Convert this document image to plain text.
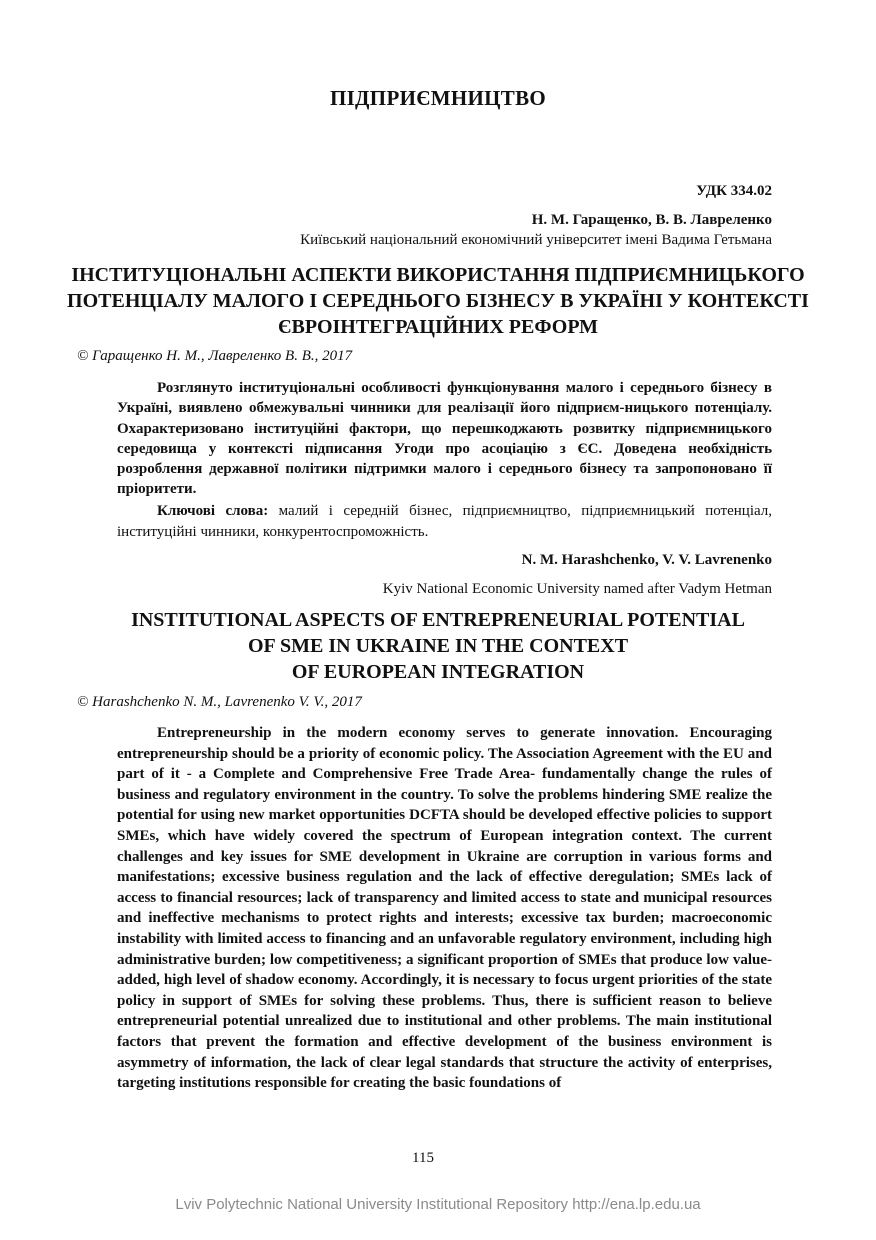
ПІДПРИЄМНИЦТВО
УДК 334.02
Н. М. Гаращенко, В. В. Лавреленко
Київський національний економічний університет імені Вадима Гетьмана
ІНСТИТУЦІОНАЛЬНІ АСПЕКТИ ВИКОРИСТАННЯ ПІДПРИЄМНИЦЬКОГО ПОТЕНЦІАЛУ МАЛОГО І СЕРЕДНЬОГО БІЗНЕСУ В УКРАЇНІ У КОНТЕКСТІ ЄВРОІНТЕГРАЦІЙНИХ РЕФОРМ
© Гаращенко Н. М., Лавреленко В. В., 2017

Розглянуто інституціональні особливості функціонування малого і середнього бізнесу в Україні, виявлено обмежувальні чинники для реалізації його підприєм-ницького потенціалу. Охарактеризовано інституційні фактори, що перешкоджають розвитку підприємницького середовища у контексті підписання Угоди про асоціацію з ЄС. Доведена необхідність розроблення державної політики підтримки малого і середнього бізнесу та запропоновано її пріоритети.

Ключові слова: малий і середній бізнес, підприємництво, підприємницький потенціал, інституційні чинники, конкурентоспроможність.

N. M. Harashchenko, V. V. Lavrenenko
Kyiv National Economic University named after Vadym Hetman
INSTITUTIONAL ASPECTS OF ENTREPRENEURIAL POTENTIAL
OF SME IN UKRAINE IN THE CONTEXT
OF EUROPEAN INTEGRATION
© Harashchenko N. M., Lavrenenko V. V., 2017

Entrepreneurship in the modern economy serves to generate innovation. Encouraging entrepreneurship should be a priority of economic policy. The Association Agreement with the EU and part of it - a Complete and Comprehensive Free Trade Area- fundamentally change the rules of business and regulatory environment in the country. To solve the problems hindering SME realize the potential for using new market opportunities DCFTA should be developed effective policies to support SMEs, which have widely covered the spectrum of European integration context. The current challenges and key issues for SME development in Ukraine are corruption in various forms and manifestations; excessive business regulation and the lack of effective deregulation; SMEs lack of access to financial resources; lack of transparency and limited access to state and municipal resources and ineffective mechanisms to protect rights and interests; excessive tax burden; macroeconomic instability with limited access to financing and an unfavorable regulatory environment, including high administrative burden; low competitiveness; a significant proportion of SMEs that produce low value-added, high level of shadow economy. Accordingly, it is necessary to focus urgent priorities of the state policy in support of SMEs for solving these problems. Thus, there is sufficient reason to believe entrepreneurial potential unrealized due to institutional and other problems. The main institutional factors that prevent the formation and effective development of the business environment is asymmetry of information, the lack of clear legal standards that structure the activity of enterprises, targeting institutions responsible for creating the basic foundations of

115
Lviv Polytechnic National University Institutional Repository http://ena.lp.edu.ua
